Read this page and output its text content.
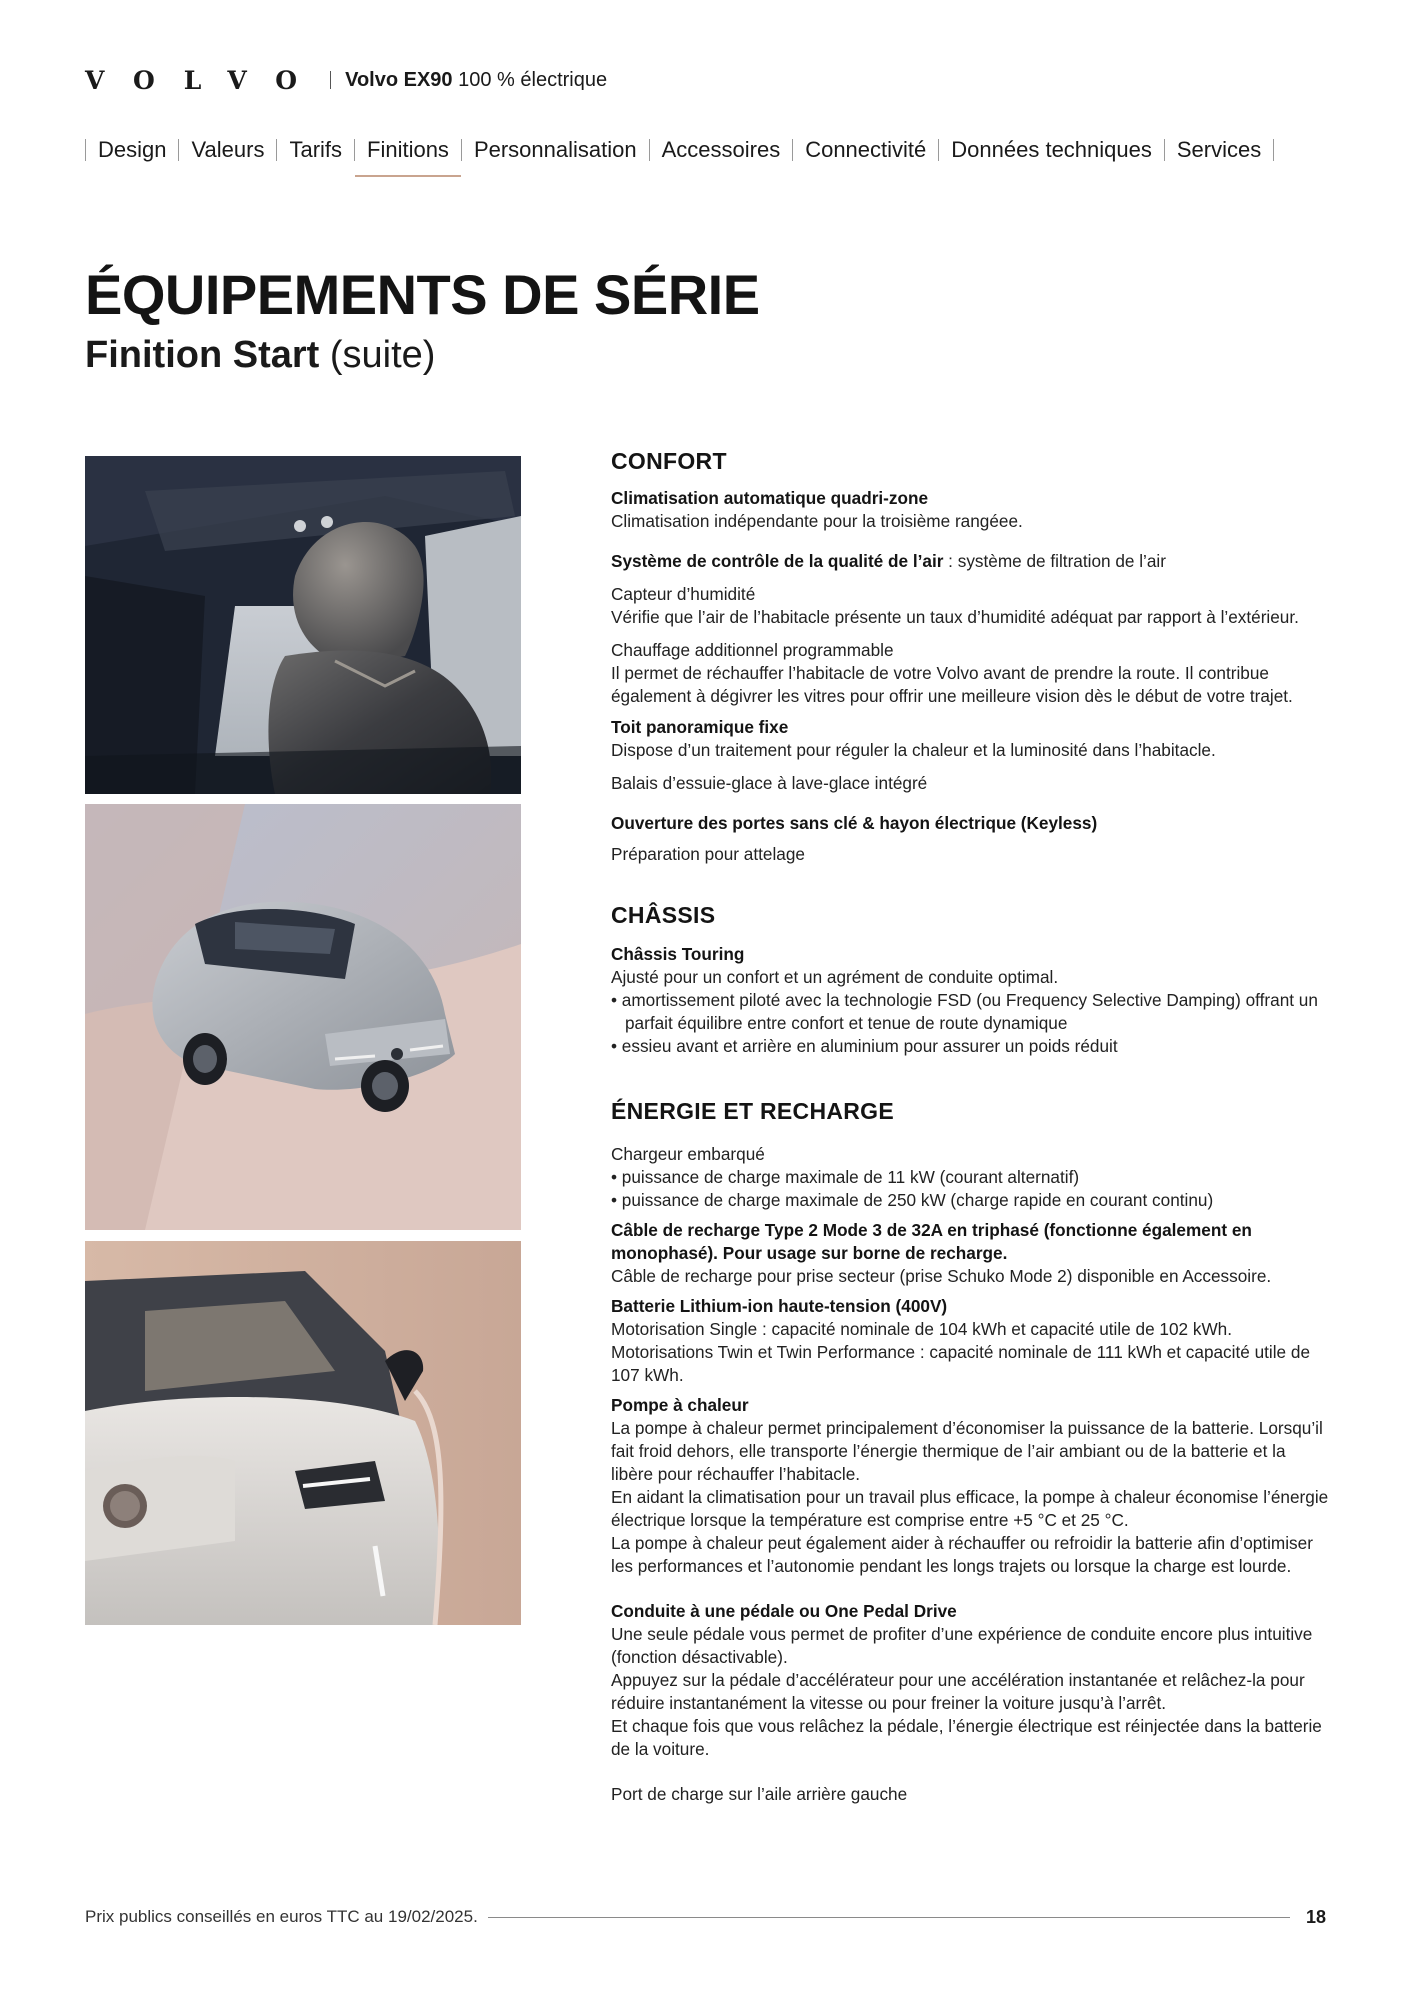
VOLVO Volvo EX90 100 % électrique
Design	Valeurs	Tarifs	Finitions	Personnalisation	Accessoires	Connectivité	Données techniques	Services
ÉQUIPEMENTS DE SÉRIE
Finition Start (suite)
CONFORT
Climatisation automatique quadri-zone
Climatisation indépendante pour la troisième rangéee.
Système de contrôle de la qualité de l’air : système de filtration de l’air
Capteur d’humidité
Vérifie que l’air de l’habitacle présente un taux d’humidité adéquat par rapport à l’extérieur.
Chauffage additionnel programmable
Il permet de réchauffer l’habitacle de votre Volvo avant de prendre la route. Il contribue également à dégivrer les vitres pour offrir une meilleure vision dès le début de votre trajet.
Toit panoramique fixe
Dispose d’un traitement pour réguler la chaleur et la luminosité dans l’habitacle.
Balais d’essuie-glace à lave-glace intégré
Ouverture des portes sans clé & hayon électrique (Keyless)
Préparation pour attelage
CHÂSSIS
Châssis Touring
Ajusté pour un confort et un agrément de conduite optimal.
• amortissement piloté avec la technologie FSD (ou Frequency Selective Damping) offrant un parfait équilibre entre confort et tenue de route dynamique
• essieu avant et arrière en aluminium pour assurer un poids réduit
ÉNERGIE ET RECHARGE
Chargeur embarqué
• puissance de charge maximale de 11 kW (courant alternatif)
• puissance de charge maximale de 250 kW (charge rapide en courant continu)
Câble de recharge Type 2 Mode 3 de 32A en triphasé (fonctionne également en monophasé). Pour usage sur borne de recharge.
Câble de recharge pour prise secteur (prise Schuko Mode 2) disponible en Accessoire.
Batterie Lithium-ion haute-tension (400V)
Motorisation Single : capacité nominale de 104 kWh et capacité utile de 102 kWh.
Motorisations Twin et Twin Performance : capacité nominale de 111 kWh et capacité utile de 107 kWh.
Pompe à chaleur
La pompe à chaleur permet principalement d’économiser la puissance de la batterie. Lorsqu’il fait froid dehors, elle transporte l’énergie thermique de l’air ambiant ou de la batterie et la libère pour réchauffer l’habitacle.
En aidant la climatisation pour un travail plus efficace, la pompe à chaleur économise l’énergie électrique lorsque la température est comprise entre +5 °C et 25 °C.
La pompe à chaleur peut également aider à réchauffer ou refroidir la batterie afin d’optimiser les performances et l’autonomie pendant les longs trajets ou lorsque la charge est lourde.
Conduite à une pédale ou One Pedal Drive
Une seule pédale vous permet de profiter d’une expérience de conduite encore plus intuitive (fonction désactivable).
Appuyez sur la pédale d’accélérateur pour une accélération instantanée et relâchez-la pour réduire instantanément la vitesse ou pour freiner la voiture jusqu’à l’arrêt.
Et chaque fois que vous relâchez la pédale, l’énergie électrique est réinjectée dans la batterie de la voiture.
Port de charge sur l’aile arrière gauche
Prix publics conseillés en euros TTC au 19/02/2025.	18
